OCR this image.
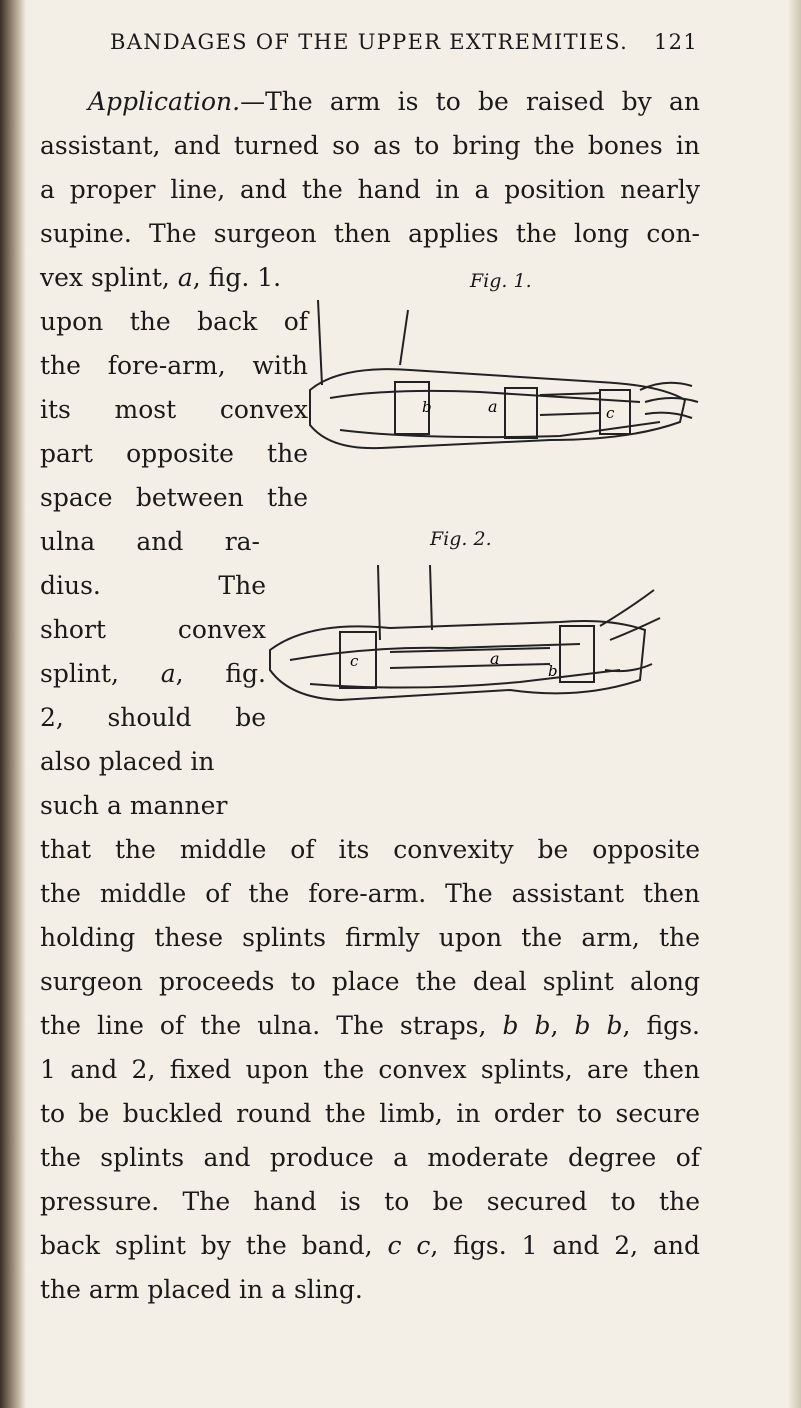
BANDAGES OF THE UPPER EXTREMITIES. 121
Application.—The arm is to be raised by an
assistant, and turned so as to bring the bones in
a proper line, and the hand in a position nearly
supine. The surgeon then applies the long con-
vex splint, a, fig. 1.
upon the back of
the fore-arm, with
its most convex
part opposite the
space between the
ulna and ra-
dius. The
short convex
splint, a, fig.
2, should be
also placed in
such a manner
that the middle of its convexity be opposite
the middle of the fore-arm. The assistant then
holding these splints firmly upon the arm, the
surgeon proceeds to place the deal splint along
the line of the ulna. The straps, b b, b b, figs.
1 and 2, fixed upon the convex splints, are then
to be buckled round the limb, in order to secure
the splints and produce a moderate degree of
pressure. The hand is to be secured to the
back splint by the band, c c, figs. 1 and 2, and
the arm placed in a sling.
Fig. 1.
a
b	c
Fig. 2.
a
b
c
